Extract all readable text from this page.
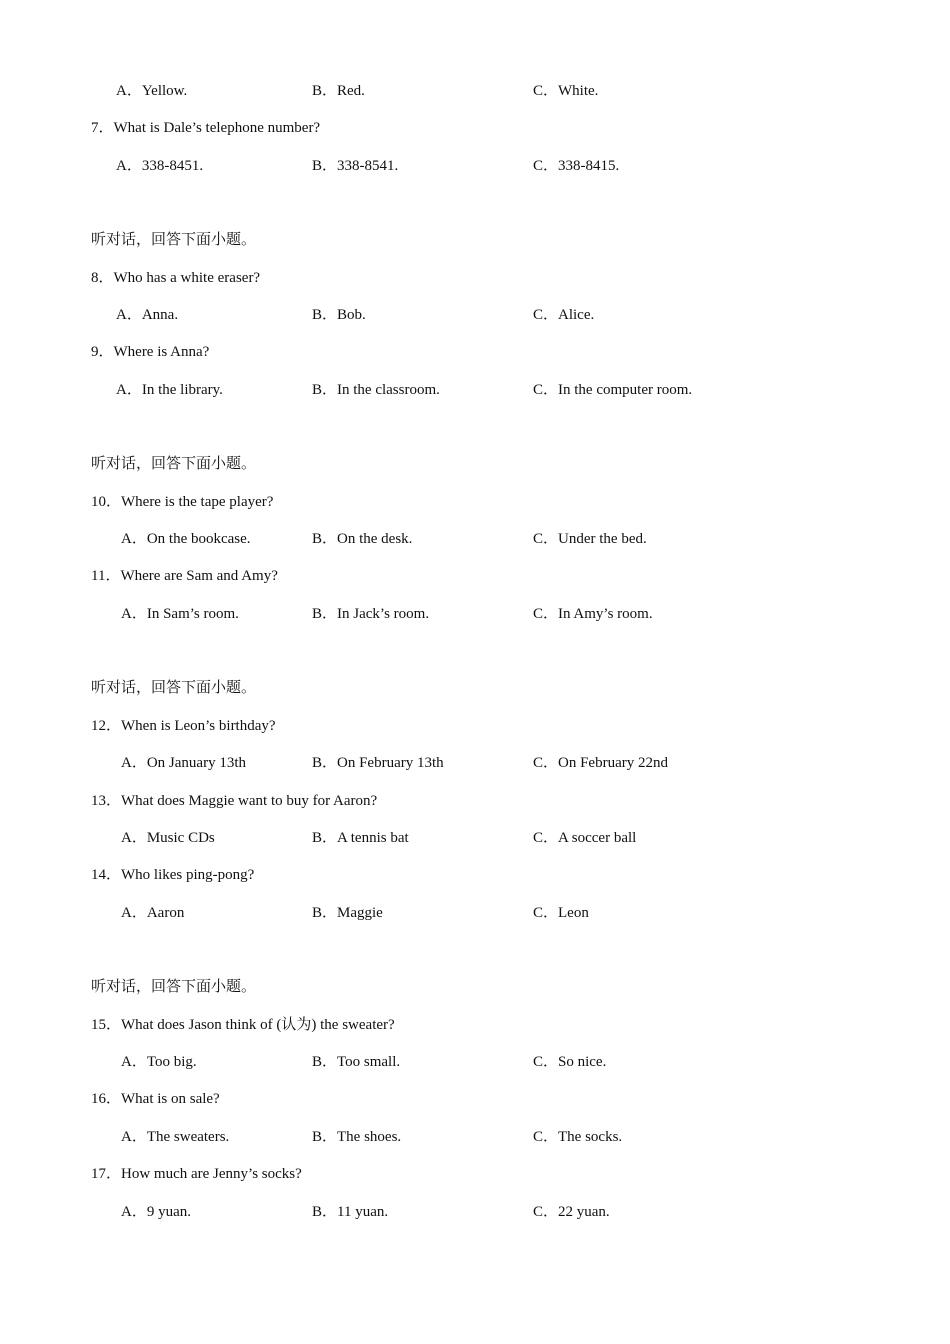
A．Yellow.	B．Red.	C．White.
7．What is Dale’s telephone number?
A．338-8451.	B．338-8541.	C．338-8415.
听对话，回答下面小题。
8．Who has a white eraser?
A．Anna.	B．Bob.	C．Alice.
9．Where is Anna?
A．In the library.	B．In the classroom.	C．In the computer room.
听对话，回答下面小题。
10．Where is the tape player?
A．On the bookcase.	B．On the desk.	C．Under the bed.
11．Where are Sam and Amy?
A．In Sam’s room.	B．In Jack’s room.	C．In Amy’s room.
听对话，回答下面小题。
12．When is Leon’s birthday?
A．On January 13th	B．On February 13th	C．On February 22nd
13．What does Maggie want to buy for Aaron?
A．Music CDs	B．A tennis bat	C．A soccer ball
14．Who likes ping-pong?
A．Aaron	B．Maggie	C．Leon
听对话，回答下面小题。
15．What does Jason think of (认为) the sweater?
A．Too big.	B．Too small.	C．So nice.
16．What is on sale?
A．The sweaters.	B．The shoes.	C．The socks.
17．How much are Jenny’s socks?
A．9 yuan.	B．11 yuan.	C．22 yuan.
